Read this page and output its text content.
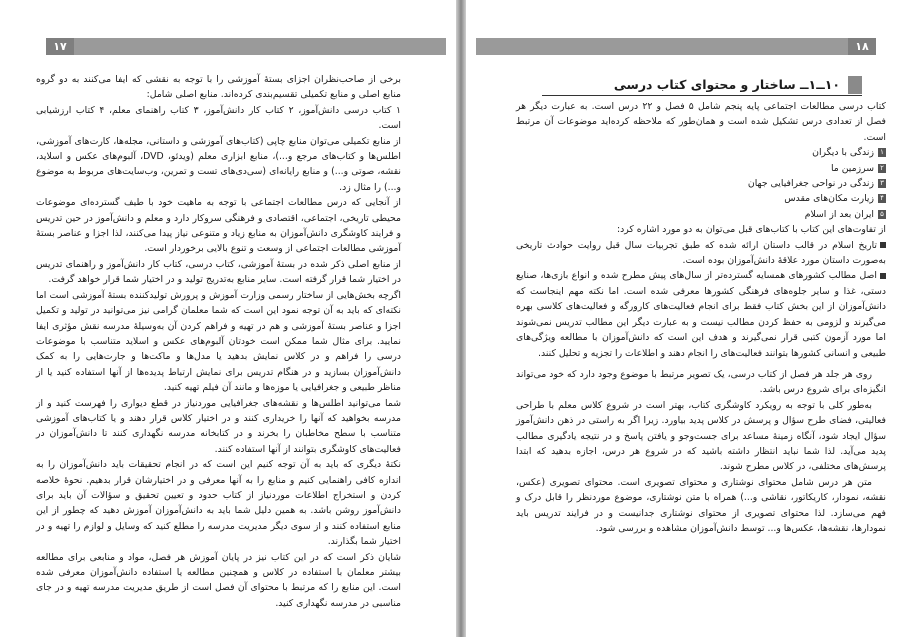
۱۷

برخی از صاحب‌نظران اجزای بستهٔ آموزشی را با توجه به نقشی که ایفا می‌کنند به دو گروه منابع اصلی و منابع تکمیلی تقسیم‌بندی کرده‌اند. منابع اصلی شامل:

۱ کتاب درسی دانش‌آموز، ۲ کتاب کار دانش‌آموز، ۳ کتاب راهنمای معلم، ۴ کتاب ارزشیابی است.

از منابع تکمیلی می‌توان منابع چاپی (کتاب‌های آموزشی و داستانی، مجله‌ها، کارت‌های آموزشی، اطلس‌ها و کتاب‌های مرجع و...)، منابع ابزاری معلم (ویدئو، DVD، آلبوم‌های عکس و اسلاید، نقشه، صوتی و...) و منابع رایانه‌ای (سی‌دی‌های تست و تمرین، وب‌سایت‌های مربوط به موضوع و...) را مثال زد.

از آنجایی که درس مطالعات اجتماعی با توجه به ماهیت خود با طیف گسترده‌ای موضوعات محیطی تاریخی، اجتماعی، اقتصادی و فرهنگی سروکار دارد و معلم و دانش‌آموز در حین تدریس و فرایند کاوشگری دانش‌آموزان به منابع زیاد و متنوعی نیاز پیدا می‌کنند، لذا اجزا و عناصر بستهٔ آموزشی مطالعات اجتماعی از وسعت و تنوع بالایی برخوردار است.

از منابع اصلی ذکر شده در بستهٔ آموزشی، کتاب درسی، کتاب کار دانش‌آموز و راهنمای تدریس در اختیار شما قرار گرفته است. سایر منابع به‌تدریج تولید و در اختیار شما قرار خواهد گرفت.

اگرچه بخش‌هایی از ساختار رسمی وزارت آموزش و پرورش تولیدکننده بستهٔ آموزشی است اما نکته‌ای که باید به آن توجه نمود این است که شما معلمان گرامی نیز می‌توانید در تولید و تکمیل اجزا و عناصر بستهٔ آموزشی و هم در تهیه و فراهم کردن آن به‌وسیلهٔ مدرسه نقش مؤثری ایفا نمایید. برای مثال شما ممکن است خودتان آلبوم‌های عکس و اسلاید متناسب با موضوعات درسی را فراهم و در کلاس نمایش بدهید یا مدل‌ها و ماکت‌ها و جارت‌هایی را به کمک دانش‌آموزان بسازید و در هنگام تدریس برای نمایش ارتباط پدیده‌ها از آنها استفاده کنید یا از مناظر طبیعی و جغرافیایی یا موزه‌ها و مانند آن فیلم تهیه کنید.

شما می‌توانید اطلس‌ها و نقشه‌های جغرافیایی موردنیاز در قطع دیواری را فهرست کنید و از مدرسه بخواهید که آنها را خریداری کنند و در اختیار کلاس قرار دهند و یا کتاب‌های آموزشی متناسب با سطح مخاطبان را بخرند و در کتابخانه مدرسه نگهداری کنند تا دانش‌آموزان در فعالیت‌های کاوشگری بتوانند از آنها استفاده کنند.

نکتهٔ دیگری که باید به آن توجه کنیم این است که در انجام تحقیقات باید دانش‌آموزان را به اندازه کافی راهنمایی کنیم و منابع را به آنها معرفی و در اختیارشان قرار بدهیم. نحوهٔ خلاصه کردن و استخراج اطلاعات موردنیاز از کتاب حدود و تعیین تحقیق و سؤالات آن باید برای دانش‌آموز روشن باشد. به همین دلیل شما باید به دانش‌آموزان آموزش دهید که چطور از این منابع استفاده کنند و از سوی دیگر مدیریت مدرسه را مطلع کنید که وسایل و لوازم را تهیه و در اختیار شما بگذارند.

شایان ذکر است که در این کتاب نیز در پایان آموزش هر فصل، مواد و منابعی برای مطالعه بیشتر معلمان با استفاده در کلاس و همچنین مطالعه یا استفاده دانش‌آموزان معرفی شده است. این منابع را که مرتبط با محتوای آن فصل است از طریق مدیریت مدرسه تهیه و در جای مناسبی در مدرسه نگهداری کنید.

۱۸
۱۰ــ۱ــ ساختار و محتوای کتاب درسی

کتاب درسی مطالعات اجتماعی پایه پنجم شامل ۵ فصل و ۲۲ درس است. به عبارت دیگر هر فصل از تعدادی درس تشکیل شده است و همان‌طور که ملاحظه کرده‌اید موضوعات آن مرتبط است.

۱
زندگی با دیگران
۲
سرزمین ما
۳
زندگی در نواحی جغرافیایی جهان
۴
زیارت مکان‌های مقدس
۵
ایران بعد از اسلام

از تفاوت‌های این کتاب با کتاب‌های قبل می‌توان به دو مورد اشاره کرد:

تاریخ اسلام در قالب داستان ارائه شده که طبق تجربیات سال قبل روایت حوادث تاریخی به‌صورت داستان مورد علاقهٔ دانش‌آموزان بوده است.

اصل مطالب کشورهای همسایه گسترده‌تر از سال‌های پیش مطرح شده و انواع بازی‌ها، صنایع دستی، غذا و سایر جلوه‌های فرهنگی کشورها معرفی شده است. اما نکته مهم اینجاست که دانش‌آموزان از این بخش کتاب فقط برای انجام فعالیت‌های کارورگه و فعالیت‌های کلاسی بهره می‌گیرند و لزومی به حفظ کردن مطالب نیست و به عبارت دیگر این مطالب تدریس نمی‌شوند اما مورد آزمون کتبی قرار نمی‌گیرند و هدف این است که دانش‌آموزان با مطالعه ویژگی‌های طبیعی و انسانی کشورها بتوانند فعالیت‌های را انجام دهند و اطلاعات را تجزیه و تحلیل کنند.

روی هر جلد هر فصل از کتاب درسی، یک تصویر مرتبط با موضوع وجود دارد که خود می‌تواند انگیزه‌ای برای شروع درس باشد.

به‌طور کلی با توجه به رویکرد کاوشگری کتاب، بهتر است در شروع کلاس معلم با طراحی فعالیتی، فضای طرح سؤال و پرسش در کلاس پدید بیاورد. زیرا اگر به راستی در ذهن دانش‌آموز سؤال ایجاد شود، آنگاه زمینهٔ مساعد برای جست‌وجو و یافتن پاسخ و در نتیجه یادگیری مطالب پدید می‌آید. لذا شما نباید انتظار داشته باشید که در شروع هر درس، اجازه بدهید که ابتدا پرسش‌های مختلفی، در کلاس مطرح شوند.

متن هر درس شامل محتوای نوشتاری و محتوای تصویری است. محتوای تصویری (عکس، نقشه، نمودار، کاریکاتور، نقاشی و...) همراه با متن نوشتاری، موضوع موردنظر را قابل درک و فهم می‌سازد. لذا محتوای تصویری از محتوای نوشتاری جدانیست و در فرایند تدریس باید نمودارها، نقشه‌ها، عکس‌ها و... توسط دانش‌آموزان مشاهده و بررسی شود.
